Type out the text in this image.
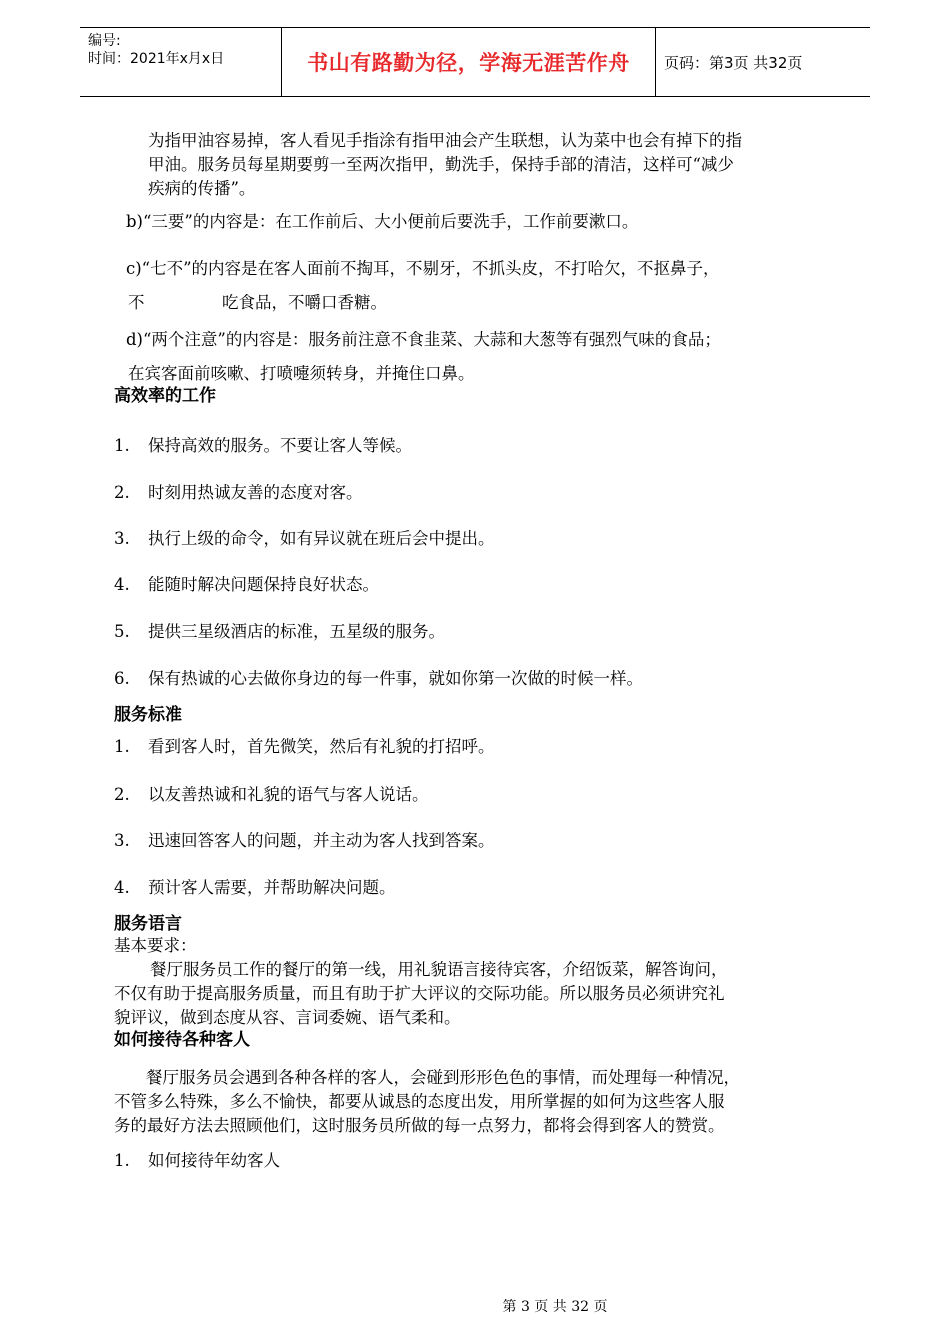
编号:
时间：2021年x月x日	书山有路勤为径，学海无涯苦作舟	页码：第3页 共32页
为指甲油容易掉，客人看见手指涂有指甲油会产生联想，认为菜中也会有掉下的指
甲油。服务员每星期要剪一至两次指甲，勤洗手，保持手部的清洁，这样可“减少
疾病的传播”。
b)“三要”的内容是：在工作前后、大小便前后要洗手，工作前要漱口。
c)“七不”的内容是在客人面前不掏耳，不剔牙，不抓头皮，不打哈欠，不抠鼻子，
不	吃食品，不嚼口香糖。
d)“两个注意”的内容是：服务前注意不食韭菜、大蒜和大葱等有强烈气味的食品；
在宾客面前咳嗽、打喷嚏须转身，并掩住口鼻。
高效率的工作
1. 保持高效的服务。不要让客人等候。
2. 时刻用热诚友善的态度对客。
3. 执行上级的命令，如有异议就在班后会中提出。
4. 能随时解决问题保持良好状态。
5. 提供三星级酒店的标准，五星级的服务。
6. 保有热诚的心去做你身边的每一件事，就如你第一次做的时候一样。
服务标准
1. 看到客人时，首先微笑，然后有礼貌的打招呼。
2. 以友善热诚和礼貌的语气与客人说话。
3. 迅速回答客人的问题，并主动为客人找到答案。
4. 预计客人需要，并帮助解决问题。
服务语言
基本要求：
餐厅服务员工作的餐厅的第一线，用礼貌语言接待宾客，介绍饭菜，解答询问，
不仅有助于提高服务质量，而且有助于扩大评议的交际功能。所以服务员必须讲究礼
貌评议，做到态度从容、言词委婉、语气柔和。
如何接待各种客人
餐厅服务员会遇到各种各样的客人，会碰到形形色色的事情，而处理每一种情况，
不管多么特殊，多么不愉快，都要从诚恳的态度出发，用所掌握的如何为这些客人服
务的最好方法去照顾他们，这时服务员所做的每一点努力，都将会得到客人的赞赏。
1. 如何接待年幼客人
第 3 页 共 32 页
